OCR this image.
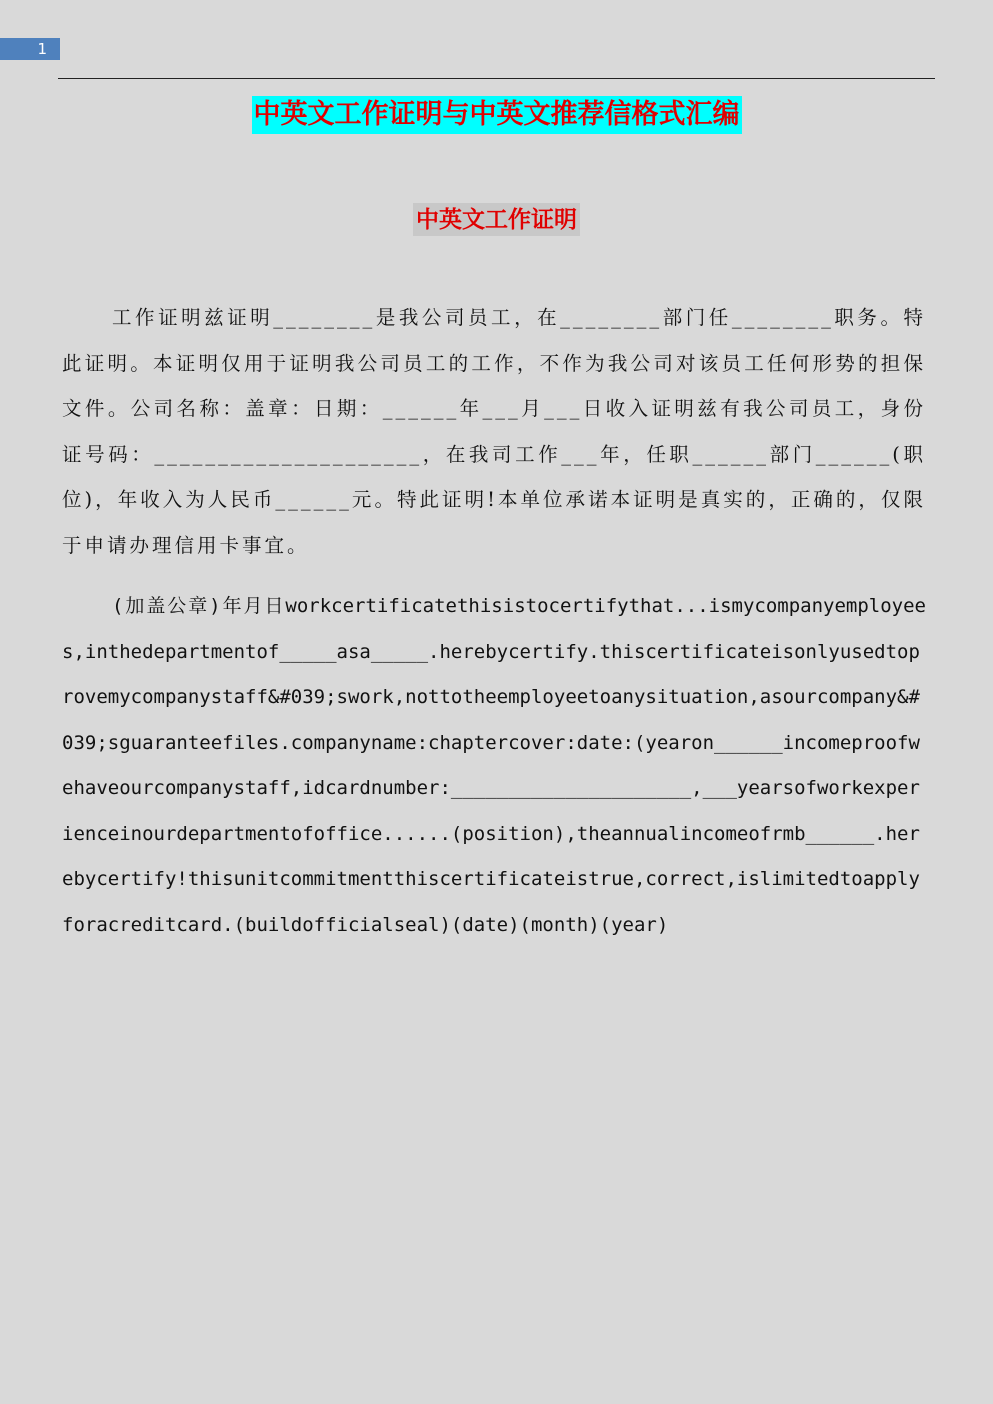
1
中英文工作证明与中英文推荐信格式汇编
中英文工作证明

工作证明兹证明________是我公司员工，在________部门任________职务。特此证明。本证明仅用于证明我公司员工的工作，不作为我公司对该员工任何形势的担保文件。公司名称：盖章：日期：______年___月___日收入证明兹有我公司员工，身份证号码：_____________________，在我司工作___年，任职______部门______(职位)，年收入为人民币______元。特此证明!本单位承诺本证明是真实的，正确的，仅限于申请办理信用卡事宜。

(加盖公章)年月日workcertificatethisistocertifythat...ismycompanyemployees,inthedepartmentof_____asa_____.herebycertify.thiscertificateisonlyusedtoprovemycompanystaff&#039;swork,nottotheemployeetoanysituation,asourcompany&#039;sguaranteefiles.companyname:chaptercover:date:(yearon______incomeproofwehaveourcompanystaff,idcardnumber:_____________________,___yearsofworkexperienceinourdepartmentofoffice......(position),theannualincomeofrmb______.herebycertify!thisunitcommitmentthiscertificateistrue,correct,islimitedtoapplyforacreditcard.(buildofficialseal)(date)(month)(year)
